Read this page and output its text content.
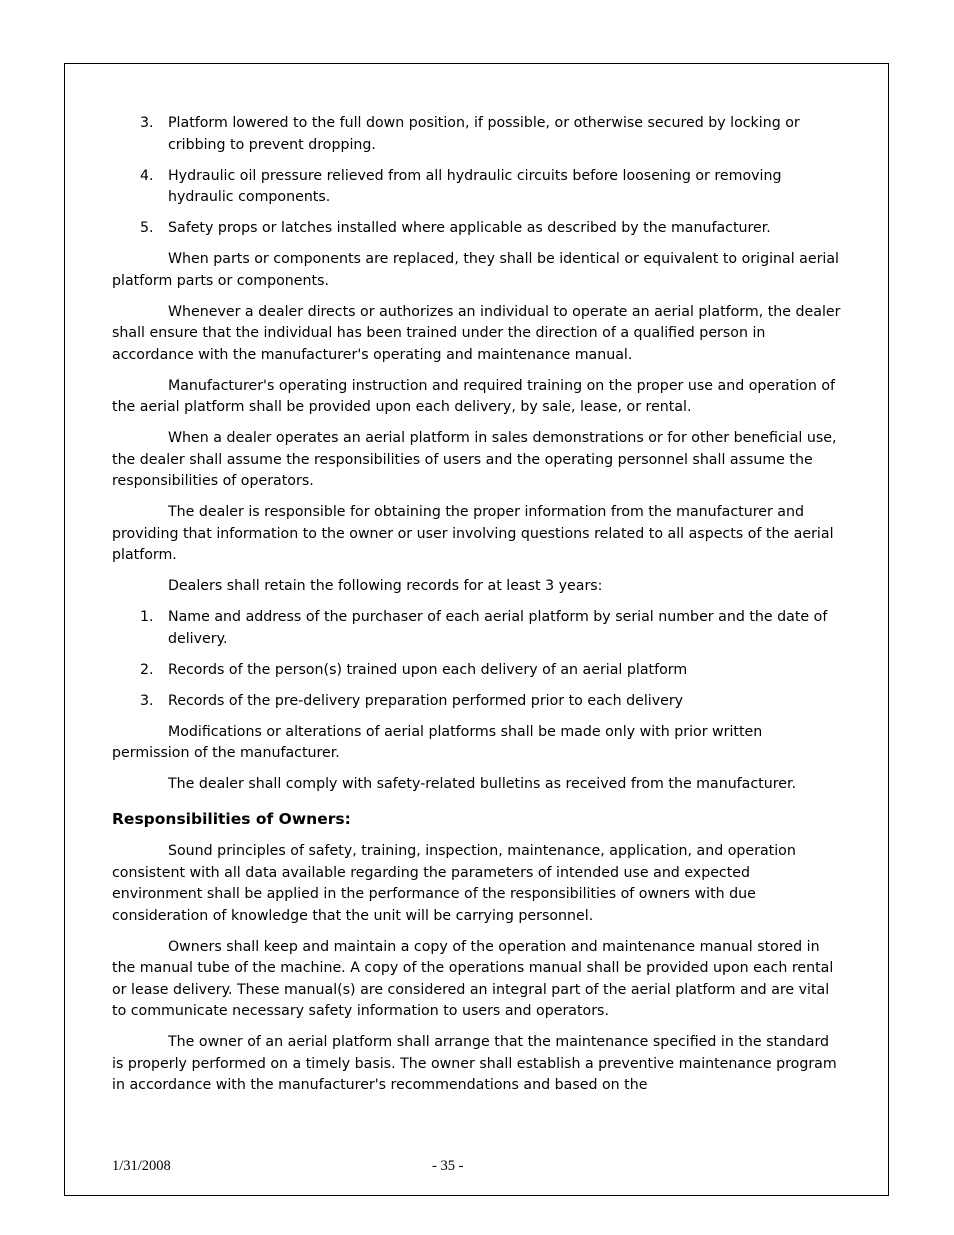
3. Platform lowered to the full down position, if possible, or otherwise secured by locking or cribbing to prevent dropping.
4. Hydraulic oil pressure relieved from all hydraulic circuits before loosening or removing hydraulic components.
5. Safety props or latches installed where applicable as described by the manufacturer.

When parts or components are replaced, they shall be identical or equivalent to original aerial platform parts or components.

Whenever a dealer directs or authorizes an individual to operate an aerial platform, the dealer shall ensure that the individual has been trained under the direction of a qualified person in accordance with the manufacturer's operating and maintenance manual.

Manufacturer's operating instruction and required training on the proper use and operation of the aerial platform shall be provided upon each delivery, by sale, lease, or rental.

When a dealer operates an aerial platform in sales demonstrations or for other beneficial use, the dealer shall assume the responsibilities of users and the operating personnel shall assume the responsibilities of operators.

The dealer is responsible for obtaining the proper information from the manufacturer and providing that information to the owner or user involving questions related to all aspects of the aerial platform.

Dealers shall retain the following records for at least 3 years:

1. Name and address of the purchaser of each aerial platform by serial number and the date of delivery.
2. Records of the person(s) trained upon each delivery of an aerial platform
3. Records of the pre-delivery preparation performed prior to each delivery

Modifications or alterations of aerial platforms shall be made only with prior written permission of the manufacturer.

The dealer shall comply with safety-related bulletins as received from the manufacturer.

Responsibilities of Owners:

Sound principles of safety, training, inspection, maintenance, application, and operation consistent with all data available regarding the parameters of intended use and expected environment shall be applied in the performance of the responsibilities of owners with due consideration of knowledge that the unit will be carrying personnel.

Owners shall keep and maintain a copy of the operation and maintenance manual stored in the manual tube of the machine. A copy of the operations manual shall be provided upon each rental or lease delivery. These manual(s) are considered an integral part of the aerial platform and are vital to communicate necessary safety information to users and operators.

The owner of an aerial platform shall arrange that the maintenance specified in the standard is properly performed on a timely basis. The owner shall establish a preventive maintenance program in accordance with the manufacturer's recommendations and based on the

1/31/2008	- 35 -
